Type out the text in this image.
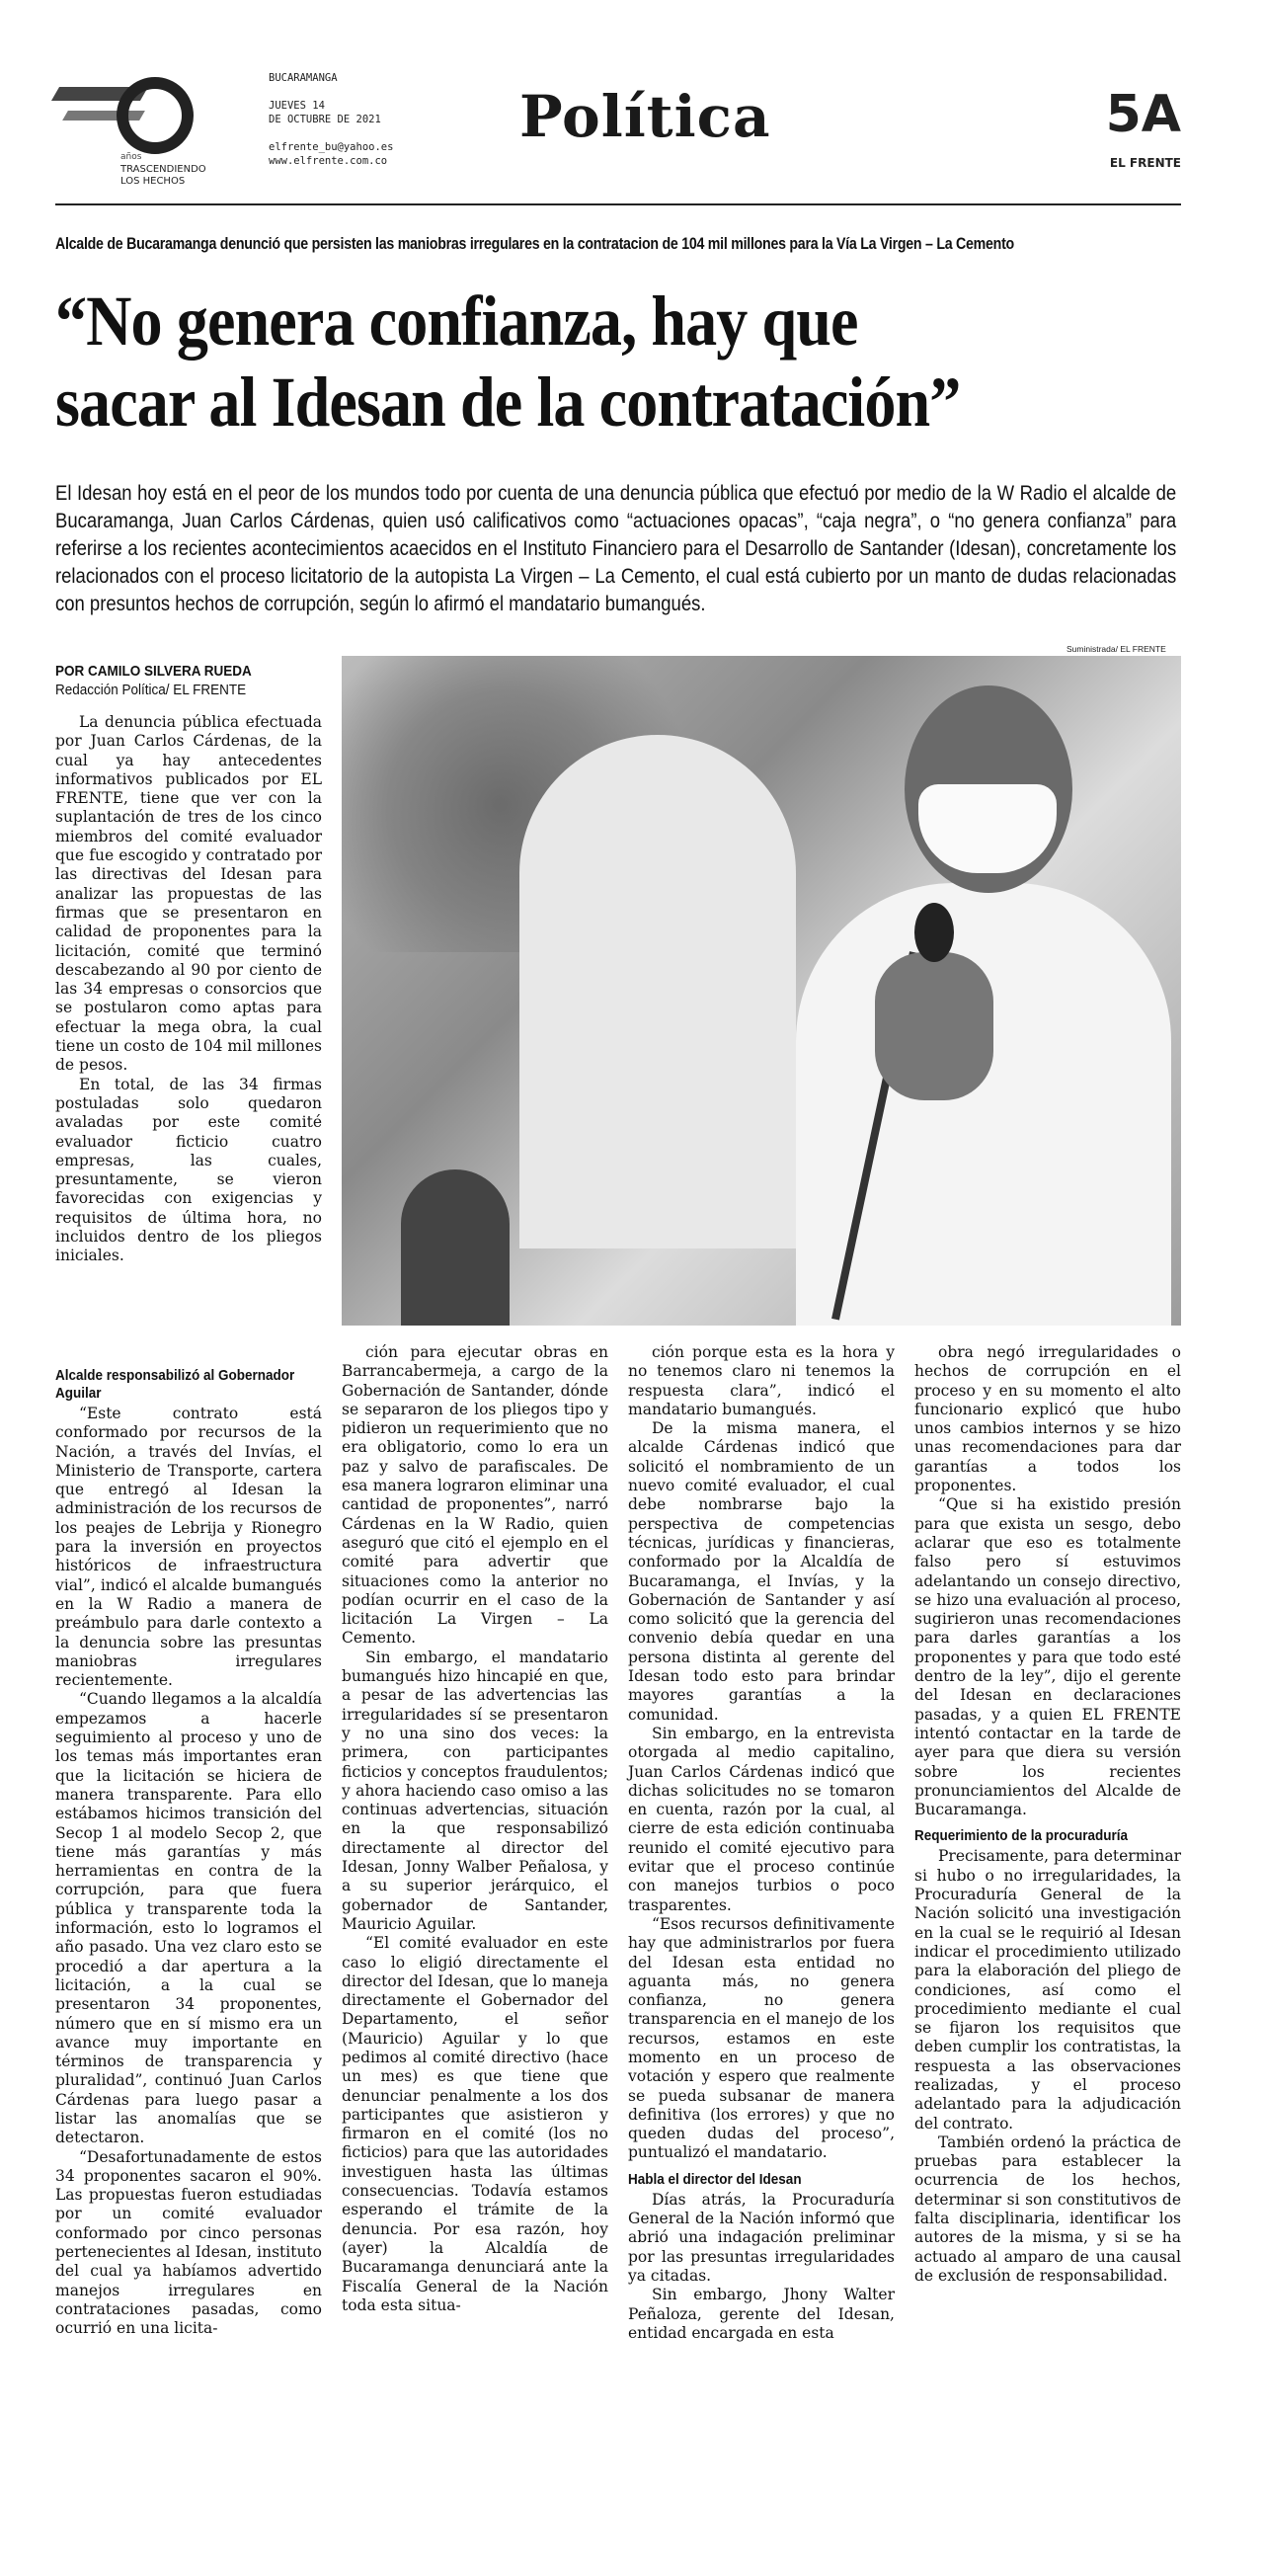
años
TRASCENDIENDO
LOS HECHOS
BUCARAMANGA
JUEVES 14
DE OCTUBRE DE 2021
elfrente_bu@yahoo.es
www.elfrente.com.co
Política	5A
EL FRENTE
Alcalde de Bucaramanga denunció que persisten las maniobras irregulares en la contratacion de 104 mil millones para la Vía La Virgen – La Cemento
“No genera confianza, hay que
sacar al Idesan de la contratación”
El Idesan hoy está en el peor de los mundos todo por cuenta de una denuncia pública que efectuó por medio de la W Radio el alcalde de Bucaramanga, Juan Carlos Cárdenas, quien usó calificativos como “actuaciones opacas”, “caja negra”, o “no genera confianza” para referirse a los recientes acontecimientos acaecidos en el Instituto Financiero para el Desarrollo de Santander (Idesan), concretamente los relacionados con el proceso licitatorio de la autopista La Virgen – La Cemento, el cual está cubierto por un manto de dudas relacionadas con presuntos hechos de corrupción, según lo afirmó el mandatario bumangués.
Suministrada/ EL FRENTE
POR CAMILO SILVERA RUEDA
Redacción Política/ EL FRENTE

La denuncia pública efectuada por Juan Carlos Cárdenas, de la cual ya hay antecedentes informativos publicados por EL FRENTE, tiene que ver con la suplantación de tres de los cinco miembros del comité evaluador que fue escogido y contratado por las directivas del Idesan para analizar las propuestas de las firmas que se presentaron en calidad de proponentes para la licitación, comité que terminó descabezando al 90 por ciento de las 34 empresas o consorcios que se postularon como aptas para efectuar la mega obra, la cual tiene un costo de 104 mil millones de pesos.

En total, de las 34 firmas postuladas solo quedaron avaladas por este comité evaluador ficticio cuatro empresas, las cuales, presuntamente, se vieron favorecidas con exigencias y requisitos de última hora, no incluidos dentro de los pliegos iniciales.

Alcalde responsabilizó al Gobernador Aguilar

“Este contrato está conformado por recursos de la Nación, a través del Invías, el Ministerio de Transporte, cartera que entregó al Idesan la administración de los recursos de los peajes de Lebrija y Rionegro para la inversión en proyectos históricos de infraestructura vial”, indicó el alcalde bumangués en la W Radio a manera de preámbulo para darle contexto a la denuncia sobre las presuntas maniobras irregulares recientemente.

“Cuando llegamos a la alcaldía empezamos a hacerle seguimiento al proceso y uno de los temas más importantes eran que la licitación se hiciera de manera transparente. Para ello estábamos hicimos transición del Secop 1 al modelo Secop 2, que tiene más garantías y más herramientas en contra de la corrupción, para que fuera pública y transparente toda la información, esto lo logramos el año pasado. Una vez claro esto se procedió a dar apertura a la licitación, a la cual se presentaron 34 proponentes, número que en sí mismo era un avance muy importante en términos de transparencia y pluralidad”, continuó Juan Carlos Cárdenas para luego pasar a listar las anomalías que se detectaron.

“Desafortunadamente de estos 34 proponentes sacaron el 90%. Las propuestas fueron estudiadas por un comité evaluador conformado por cinco personas pertenecientes al Idesan, instituto del cual ya habíamos advertido manejos irregulares en contrataciones pasadas, como ocurrió en una licita-

ción para ejecutar obras en Barrancabermeja, a cargo de la Gobernación de Santander, dónde se separaron de los pliegos tipo y pidieron un requerimiento que no era obligatorio, como lo era un paz y salvo de parafiscales. De esa manera lograron eliminar una cantidad de proponentes”, narró Cárdenas en la W Radio, quien aseguró que citó el ejemplo en el comité para advertir que situaciones como la anterior no podían ocurrir en el caso de la licitación La Virgen – La Cemento.

Sin embargo, el mandatario bumangués hizo hincapié en que, a pesar de las advertencias las irregularidades sí se presentaron y no una sino dos veces: la primera, con participantes ficticios y conceptos fraudulentos; y ahora haciendo caso omiso a las continuas advertencias, situación en la que responsabilizó directamente al director del Idesan, Jonny Walber Peñalosa, y a su superior jerárquico, el gobernador de Santander, Mauricio Aguilar.

“El comité evaluador en este caso lo eligió directamente el director del Idesan, que lo maneja directamente el Gobernador del Departamento, el señor (Mauricio) Aguilar y lo que pedimos al comité directivo (hace un mes) es que tiene que denunciar penalmente a los dos participantes que asistieron y firmaron en el comité (los no ficticios) para que las autoridades investiguen hasta las últimas consecuencias. Todavía estamos esperando el trámite de la denuncia. Por esa razón, hoy (ayer) la Alcaldía de Bucaramanga denunciará ante la Fiscalía General de la Nación toda esta situa-

ción porque esta es la hora y no tenemos claro ni tenemos la respuesta clara”, indicó el mandatario bumangués.

De la misma manera, el alcalde Cárdenas indicó que solicitó el nombramiento de un nuevo comité evaluador, el cual debe nombrarse bajo la perspectiva de competencias técnicas, jurídicas y financieras, conformado por la Alcaldía de Bucaramanga, el Invías, y la Gobernación de Santander y así como solicitó que la gerencia del convenio debía quedar en una persona distinta al gerente del Idesan todo esto para brindar mayores garantías a la comunidad.

Sin embargo, en la entrevista otorgada al medio capitalino, Juan Carlos Cárdenas indicó que dichas solicitudes no se tomaron en cuenta, razón por la cual, al cierre de esta edición continuaba reunido el comité ejecutivo para evitar que el proceso continúe con manejos turbios o poco trasparentes.

“Esos recursos definitivamente hay que administrarlos por fuera del Idesan esta entidad no aguanta más, no genera confianza, no genera transparencia en el manejo de los recursos, estamos en este momento en un proceso de votación y espero que realmente se pueda subsanar de manera definitiva (los errores) y que no queden dudas del proceso”, puntualizó el mandatario.

Habla el director del Idesan

Días atrás, la Procuraduría General de la Nación informó que abrió una indagación preliminar por las presuntas irregularidades ya citadas.

Sin embargo, Jhony Walter Peñaloza, gerente del Idesan, entidad encargada en esta

obra negó irregularidades o hechos de corrupción en el proceso y en su momento el alto funcionario explicó que hubo unos cambios internos y se hizo unas recomendaciones para dar garantías a todos los proponentes.

“Que si ha existido presión para que exista un sesgo, debo aclarar que eso es totalmente falso pero sí estuvimos adelantando un consejo directivo, se hizo una evaluación al proceso, sugirieron unas recomendaciones para darles garantías a los proponentes y para que todo esté dentro de la ley”, dijo el gerente del Idesan en declaraciones pasadas, y a quien EL FRENTE intentó contactar en la tarde de ayer para que diera su versión sobre los recientes pronunciamientos del Alcalde de Bucaramanga.

Requerimiento de la procuraduría

Precisamente, para determinar si hubo o no irregularidades, la Procuraduría General de la Nación solicitó una investigación en la cual se le requirió al Idesan indicar el procedimiento utilizado para la elaboración del pliego de condiciones, así como el procedimiento mediante el cual se fijaron los requisitos que deben cumplir los contratistas, la respuesta a las observaciones realizadas, y el proceso adelantado para la adjudicación del contrato.

También ordenó la práctica de pruebas para establecer la ocurrencia de los hechos, determinar si son constitutivos de falta disciplinaria, identificar los autores de la misma, y si se ha actuado al amparo de una causal de exclusión de responsabilidad.
